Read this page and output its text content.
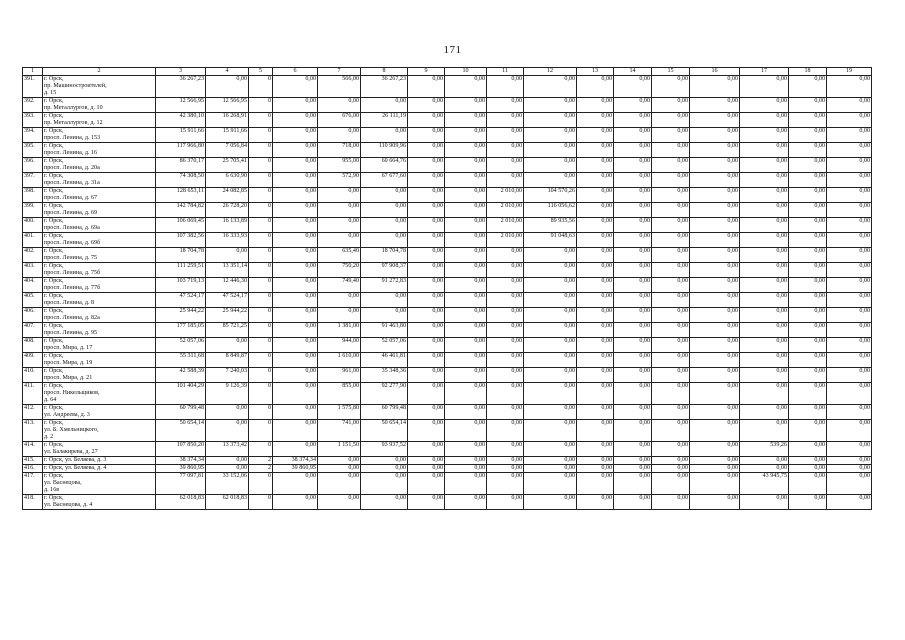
171
1	2	3	4	5	6	7	8	9	10	11	12	13	14	15	16	17	18	19
391.	г. Орск,
пр. Машиностроителей,
д. 15	36 267,23	0,00	0	0,00	566,00	36 267,23	0,00	0,00	0,00	0,00	0,00	0,00	0,00	0,00	0,00	0,00	0,00
392.	г. Орск,
пр. Металлургов, д. 10	12 566,95	12 566,95	0	0,00	0,00	0,00	0,00	0,00	0,00	0,00	0,00	0,00	0,00	0,00	0,00	0,00	0,00
393.	г. Орск,
пр. Металлургов, д. 12	42 380,10	16 268,91	0	0,00	676,00	26 111,19	0,00	0,00	0,00	0,00	0,00	0,00	0,00	0,00	0,00	0,00	0,00
394.	г. Орск,
просп. Ленина, д. 153	15 911,66	15 911,66	0	0,00	0,00	0,00	0,00	0,00	0,00	0,00	0,00	0,00	0,00	0,00	0,00	0,00	0,00
395.	г. Орск,
просп. Ленина, д. 16	117 966,80	7 056,84	0	0,00	718,00	110 909,96	0,00	0,00	0,00	0,00	0,00	0,00	0,00	0,00	0,00	0,00	0,00
396.	г. Орск,
просп. Ленина, д. 20а	86 370,17	25 705,41	0	0,00	955,00	60 664,76	0,00	0,00	0,00	0,00	0,00	0,00	0,00	0,00	0,00	0,00	0,00
397.	г. Орск,
просп. Ленина, д. 31а	74 308,50	6 630,90	0	0,00	572,90	67 677,60	0,00	0,00	0,00	0,00	0,00	0,00	0,00	0,00	0,00	0,00	0,00
398.	г. Орск,
просп. Ленина, д. 67	128 653,11	24 082,85	0	0,00	0,00	0,00	0,00	0,00	2 010,00	104 570,26	0,00	0,00	0,00	0,00	0,00	0,00	0,00
399.	г. Орск,
просп. Ленина, д. 69	142 784,82	26 728,20	0	0,00	0,00	0,00	0,00	0,00	2 010,00	116 056,62	0,00	0,00	0,00	0,00	0,00	0,00	0,00
400.	г. Орск,
просп. Ленина, д. 69а	106 069,45	16 133,89	0	0,00	0,00	0,00	0,00	0,00	2 010,00	89 935,56	0,00	0,00	0,00	0,00	0,00	0,00	0,00
401.	г. Орск,
просп. Ленина, д. 69б	107 382,56	16 333,93	0	0,00	0,00	0,00	0,00	0,00	2 010,00	91 048,63	0,00	0,00	0,00	0,00	0,00	0,00	0,00
402.	г. Орск,
просп. Ленина, д. 75	18 704,78	0,00	0	0,00	635,40	18 704,78	0,00	0,00	0,00	0,00	0,00	0,00	0,00	0,00	0,00	0,00	0,00
403.	г. Орск,
просп. Ленина, д. 75б	111 259,51	13 351,14	0	0,00	750,20	97 908,37	0,00	0,00	0,00	0,00	0,00	0,00	0,00	0,00	0,00	0,00	0,00
404.	г. Орск,
просп. Ленина, д. 77б	103 719,13	12 446,30	0	0,00	749,40	91 272,83	0,00	0,00	0,00	0,00	0,00	0,00	0,00	0,00	0,00	0,00	0,00
405.	г. Орск,
просп. Ленина, д. 8	47 524,17	47 524,17	0	0,00	0,00	0,00	0,00	0,00	0,00	0,00	0,00	0,00	0,00	0,00	0,00	0,00	0,00
406.	г. Орск,
просп. Ленина, д. 82а	25 944,22	25 944,22	0	0,00	0,00	0,00	0,00	0,00	0,00	0,00	0,00	0,00	0,00	0,00	0,00	0,00	0,00
407.	г. Орск,
просп. Ленина, д. 95	177 185,05	85 721,25	0	0,00	1 381,00	91 463,80	0,00	0,00	0,00	0,00	0,00	0,00	0,00	0,00	0,00	0,00	0,00
408.	г. Орск,
просп. Мира, д. 17	52 057,06	0,00	0	0,00	944,00	52 057,06	0,00	0,00	0,00	0,00	0,00	0,00	0,00	0,00	0,00	0,00	0,00
409.	г. Орск,
просп. Мира, д. 19	55 311,68	8 849,87	0	0,00	1 610,00	46 461,81	0,00	0,00	0,00	0,00	0,00	0,00	0,00	0,00	0,00	0,00	0,00
410.	г. Орск,
просп. Мира, д. 21	42 588,39	7 240,03	0	0,00	961,00	35 348,36	0,00	0,00	0,00	0,00	0,00	0,00	0,00	0,00	0,00	0,00	0,00
411.	г. Орск,
просп. Никельщиков,
д. 64	101 404,29	9 126,39	0	0,00	855,00	92 277,90	0,00	0,00	0,00	0,00	0,00	0,00	0,00	0,00	0,00	0,00	0,00
412.	г. Орск,
ул. Андреева, д. 3	60 799,48	0,00	0	0,00	1 575,80	60 799,48	0,00	0,00	0,00	0,00	0,00	0,00	0,00	0,00	0,00	0,00	0,00
413.	г. Орск,
ул. Б. Хмельницкого,
д. 2	50 654,14	0,00	0	0,00	741,00	50 654,14	0,00	0,00	0,00	0,00	0,00	0,00	0,00	0,00	0,00	0,00	0,00
414.	г. Орск,
ул. Балакирева, д. 27	107 850,20	13 373,42	0	0,00	1 151,50	93 937,52	0,00	0,00	0,00	0,00	0,00	0,00	0,00	0,00	539,26	0,00	0,00
415.	г. Орск, ул. Беляева, д. 3	38 374,34	0,00	2	38 374,34	0,00	0,00	0,00	0,00	0,00	0,00	0,00	0,00	0,00	0,00	0,00	0,00	0,00
416.	г. Орск, ул. Беляева, д. 4	39 860,95	0,00	2	39 860,95	0,00	0,00	0,00	0,00	0,00	0,00	0,00	0,00	0,00	0,00	0,00	0,00	0,00
417.	г. Орск,
ул. Васнецова,
д. 16в	77 097,81	33 152,06	0	0,00	0,00	0,00	0,00	0,00	0,00	0,00	0,00	0,00	0,00	0,00	43 945,75	0,00	0,00
418.	г. Орск,
ул. Васнецова, д. 4	62 018,83	62 018,83	0	0,00	0,00	0,00	0,00	0,00	0,00	0,00	0,00	0,00	0,00	0,00	0,00	0,00	0,00
